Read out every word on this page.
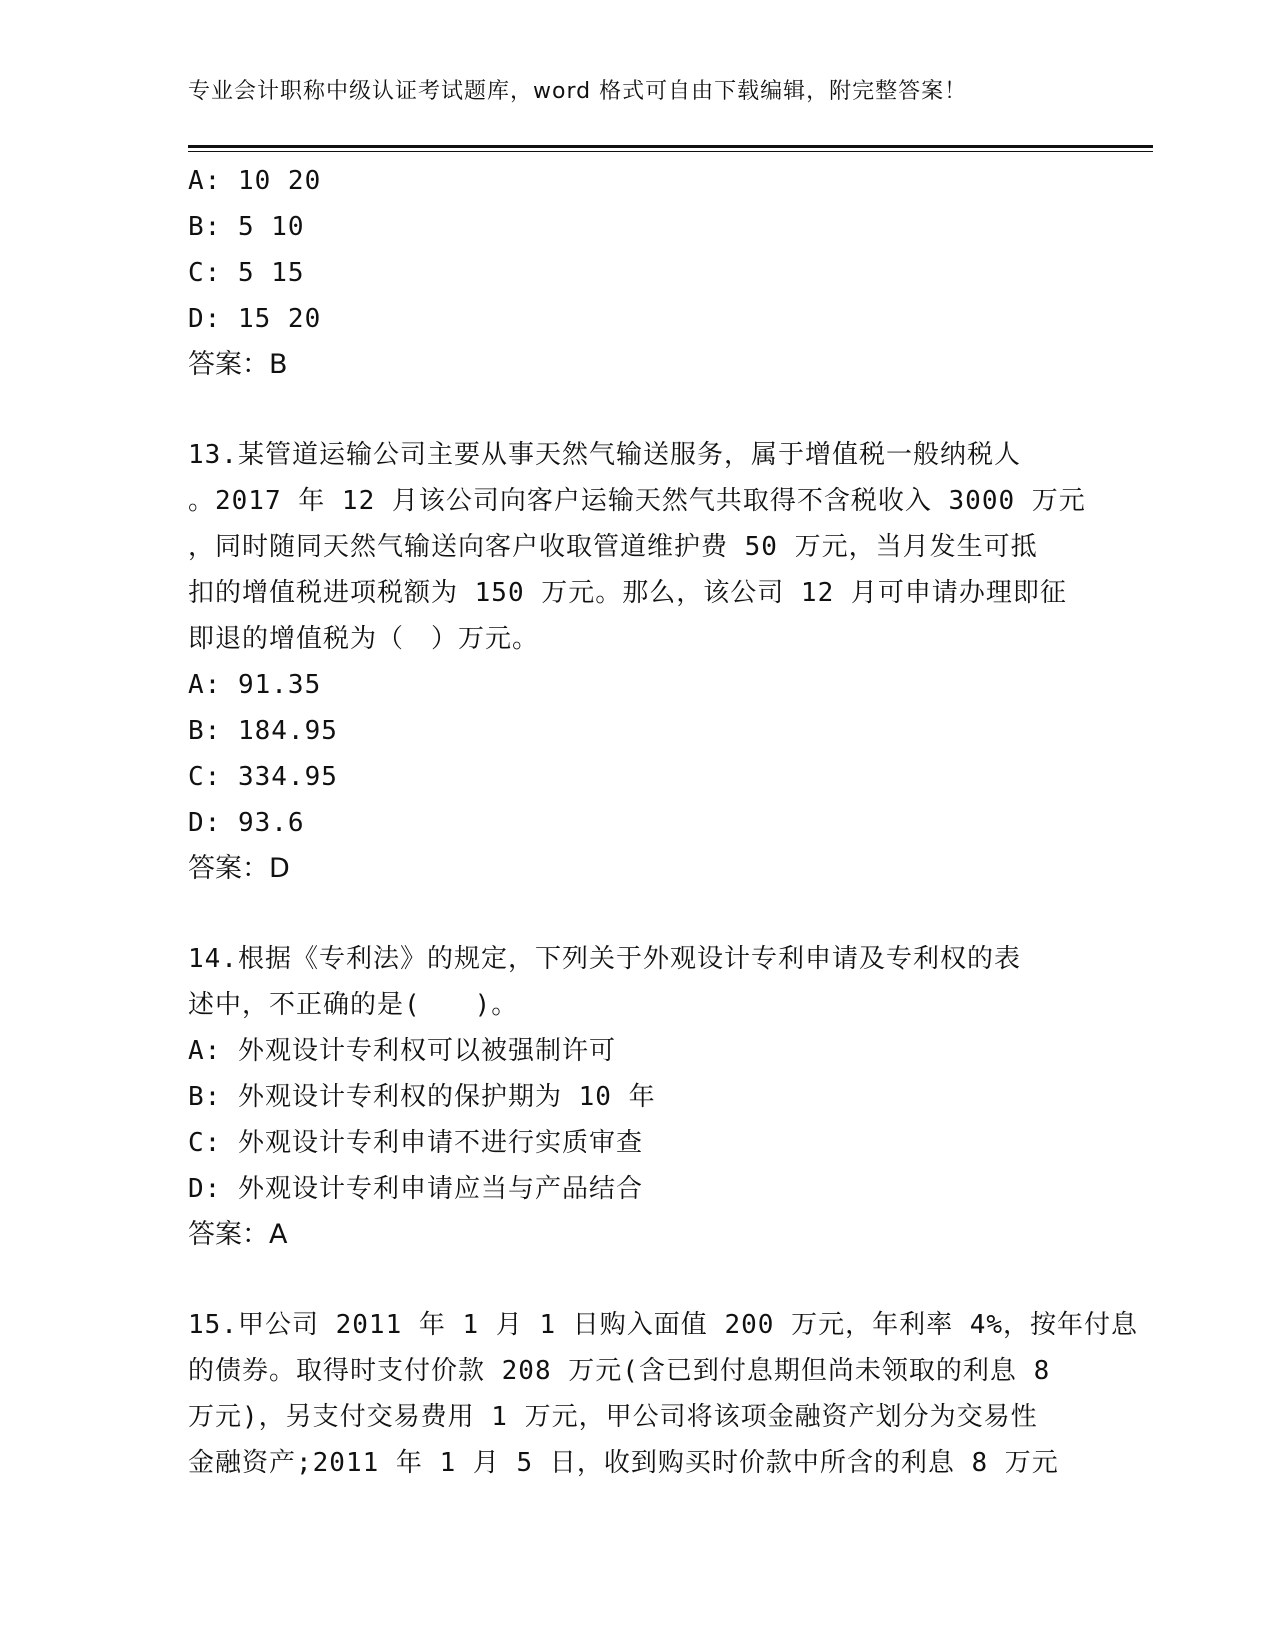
专业会计职称中级认证考试题库，word 格式可自由下载编辑，附完整答案！
A: 10 20
B: 5 10
C: 5 15
D: 15 20
答案：B
13.某管道运输公司主要从事天然气输送服务，属于增值税一般纳税人
。2017 年 12 月该公司向客户运输天然气共取得不含税收入 3000 万元
，同时随同天然气输送向客户收取管道维护费 50 万元，当月发生可抵
扣的增值税进项税额为 150 万元。那么，该公司 12 月可申请办理即征
即退的增值税为（　）万元。
A: 91.35
B: 184.95
C: 334.95
D: 93.6
答案：D
14.根据《专利法》的规定，下列关于外观设计专利申请及专利权的表
述中，不正确的是(　　)。
A: 外观设计专利权可以被强制许可
B: 外观设计专利权的保护期为 10 年
C: 外观设计专利申请不进行实质审查
D: 外观设计专利申请应当与产品结合
答案：A
15.甲公司 2011 年 1 月 1 日购入面值 200 万元，年利率 4%，按年付息
的债券。取得时支付价款 208 万元(含已到付息期但尚未领取的利息 8
万元)，另支付交易费用 1 万元，甲公司将该项金融资产划分为交易性
金融资产;2011 年 1 月 5 日，收到购买时价款中所含的利息 8 万元
